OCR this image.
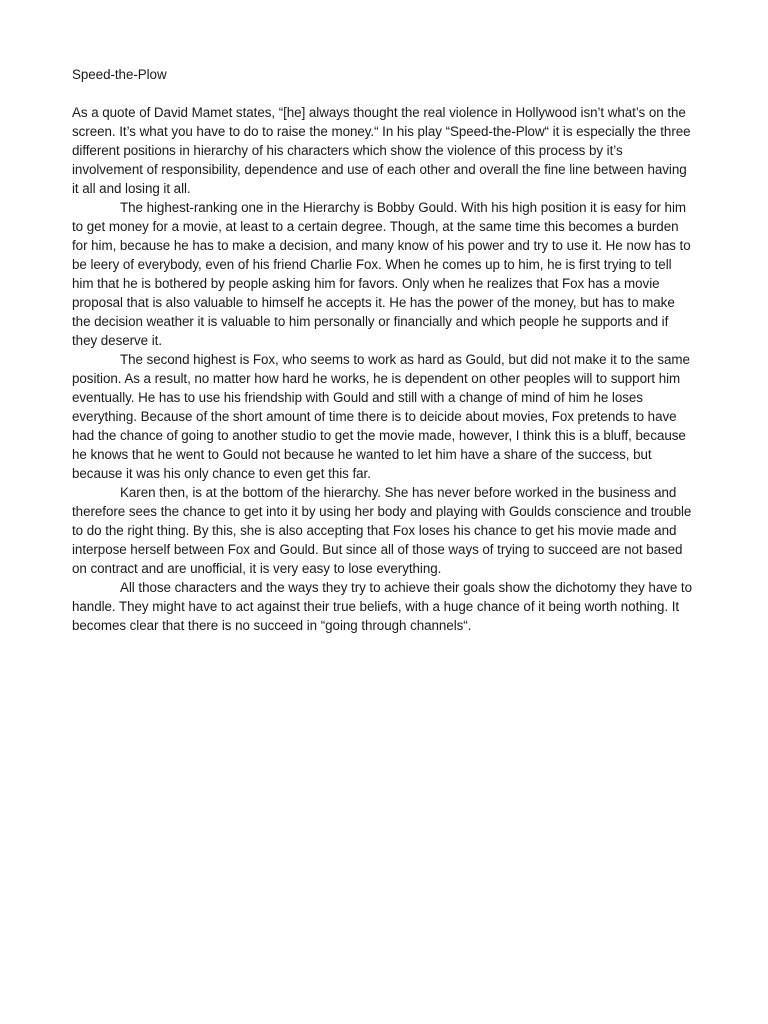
Speed-the-Plow

As a quote of David Mamet states, “[he] always thought the real violence in Hollywood isn’t what’s on the screen. It’s what you have to do to raise the money.“ In his play “Speed-the-Plow“ it is especially the three different positions in hierarchy of his characters which show the violence of this process by it’s involvement of responsibility, dependence and use of each other and overall the fine line between having it all and losing it all.

The highest-ranking one in the Hierarchy is Bobby Gould. With his high position it is easy for him to get money for a movie, at least to a certain degree. Though, at the same time this becomes a burden for him, because he has to make a decision, and many know of his power and try to use it. He now has to be leery of everybody, even of his friend Charlie Fox. When he comes up to him, he is first trying to tell him that he is bothered by people asking him for favors. Only when he realizes that Fox has a movie proposal that is also valuable to himself he accepts it. He has the power of the money, but has to make the decision weather it is valuable to him personally or financially and which people he supports and if they deserve it.

The second highest is Fox, who seems to work as hard as Gould, but did not make it to the same position. As a result, no matter how hard he works, he is dependent on other peoples will to support him eventually. He has to use his friendship with Gould and still with a change of mind of him he loses everything. Because of the short amount of time there is to deicide about movies, Fox pretends to have had the chance of going to another studio to get the movie made, however, I think this is a bluff, because he knows that he went to Gould not because he wanted to let him have a share of the success, but because it was his only chance to even get this far.

Karen then, is at the bottom of the hierarchy. She has never before worked in the business and therefore sees the chance to get into it by using her body and playing with Goulds conscience and trouble to do the right thing. By this, she is also accepting that Fox loses his chance to get his movie made and interpose herself between Fox and Gould. But since all of those ways of trying to succeed are not based on contract and are unofficial, it is very easy to lose everything.

All those characters and the ways they try to achieve their goals show the dichotomy they have to handle. They might have to act against their true beliefs, with a huge chance of it being worth nothing. It becomes clear that there is no succeed in “going through channels“.
